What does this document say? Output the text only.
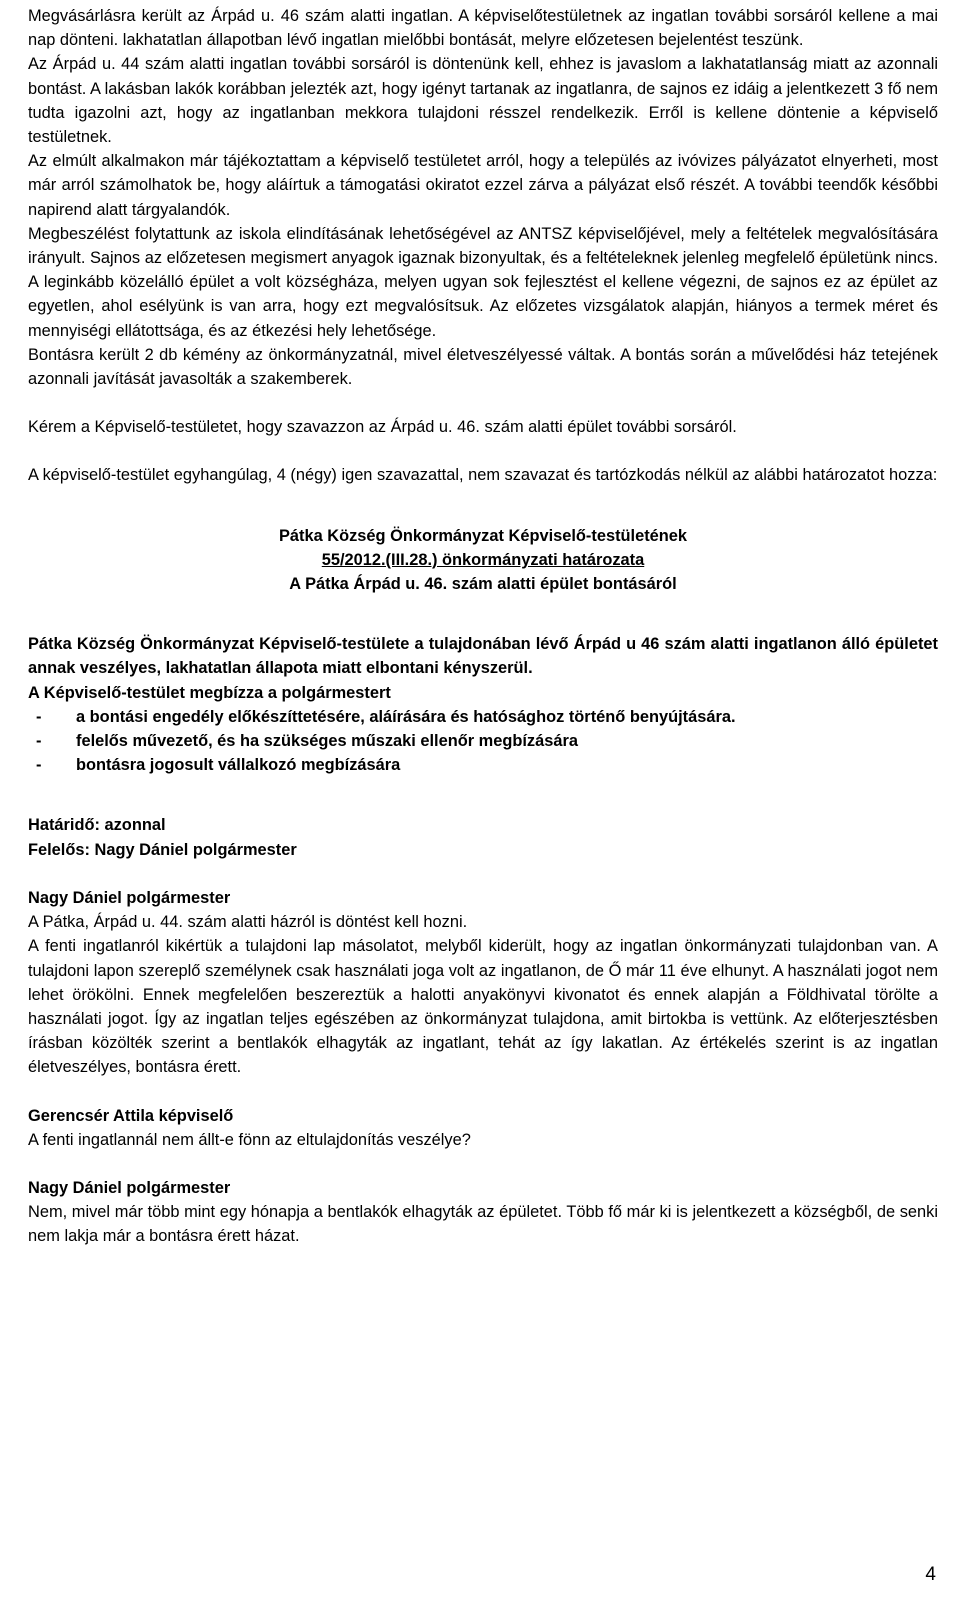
Megvásárlásra került az Árpád u. 46 szám alatti ingatlan. A képviselőtestületnek az ingatlan további sorsáról kellene a mai nap dönteni. lakhatatlan állapotban lévő ingatlan mielőbbi bontását, melyre előzetesen bejelentést teszünk.

Az Árpád u. 44 szám alatti ingatlan további sorsáról is döntenünk kell, ehhez is javaslom a lakhatatlanság miatt az azonnali bontást. A lakásban lakók korábban jelezték azt, hogy igényt tartanak az ingatlanra, de sajnos ez idáig a jelentkezett 3 fő nem tudta igazolni azt, hogy az ingatlanban mekkora tulajdoni résszel rendelkezik. Erről is kellene döntenie a képviselő testületnek.

Az elmúlt alkalmakon már tájékoztattam a képviselő testületet arról, hogy a település az ivóvizes pályázatot elnyerheti, most már arról számolhatok be, hogy aláírtuk a támogatási okiratot ezzel zárva a pályázat első részét. A további teendők későbbi napirend alatt tárgyalandók.

Megbeszélést folytattunk az iskola elindításának lehetőségével az ANTSZ képviselőjével, mely a feltételek megvalósítására irányult. Sajnos az előzetesen megismert anyagok igaznak bizonyultak, és a feltételeknek jelenleg megfelelő épületünk nincs. A leginkább közelálló épület a volt községháza, melyen ugyan sok fejlesztést el kellene végezni, de sajnos ez az épület az egyetlen, ahol esélyünk is van arra, hogy ezt megvalósítsuk. Az előzetes vizsgálatok alapján, hiányos a termek méret és mennyiségi ellátottsága, és az étkezési hely lehetősége.

Bontásra került 2 db kémény az önkormányzatnál, mivel életveszélyessé váltak. A bontás során a művelődési ház tetejének azonnali javítását javasolták a szakemberek.

Kérem a Képviselő-testületet, hogy szavazzon az Árpád u. 46. szám alatti épület további sorsáról.

A képviselő-testület egyhangúlag, 4 (négy) igen szavazattal, nem szavazat és tartózkodás nélkül az alábbi határozatot hozza:

Pátka Község Önkormányzat Képviselő-testületének

55/2012.(III.28.) önkormányzati határozata

A Pátka Árpád u. 46. szám alatti épület bontásáról

Pátka Község Önkormányzat Képviselő-testülete a tulajdonában lévő Árpád u 46 szám alatti ingatlanon álló épületet annak veszélyes, lakhatatlan állapota miatt elbontani kényszerül.

A Képviselő-testület megbízza a polgármestert

- a bontási engedély előkészíttetésére, aláírására és hatósághoz történő benyújtására.
- felelős művezető, és ha szükséges műszaki ellenőr megbízására
- bontásra jogosult vállalkozó megbízására

Határidő: azonnal

Felelős: Nagy Dániel polgármester

Nagy Dániel polgármester

A Pátka, Árpád u. 44. szám alatti házról is döntést kell hozni.

A fenti ingatlanról kikértük a tulajdoni lap másolatot, melyből kiderült, hogy az ingatlan önkormányzati tulajdonban van. A tulajdoni lapon szereplő személynek csak használati joga volt az ingatlanon, de Ő már 11 éve elhunyt. A használati jogot nem lehet örökölni. Ennek megfelelően beszereztük a halotti anyakönyvi kivonatot és ennek alapján a Földhivatal törölte a használati jogot. Így az ingatlan teljes egészében az önkormányzat tulajdona, amit birtokba is vettünk. Az előterjesztésben írásban közölték szerint a bentlakók elhagyták az ingatlant, tehát az így lakatlan. Az értékelés szerint is az ingatlan életveszélyes, bontásra érett.

Gerencsér Attila képviselő

A fenti ingatlannál nem állt-e fönn az eltulajdonítás veszélye?

Nagy Dániel polgármester

Nem, mivel már több mint egy hónapja a bentlakók elhagyták az épületet. Több fő már ki is jelentkezett a községből, de senki nem lakja már a bontásra érett házat.

4
